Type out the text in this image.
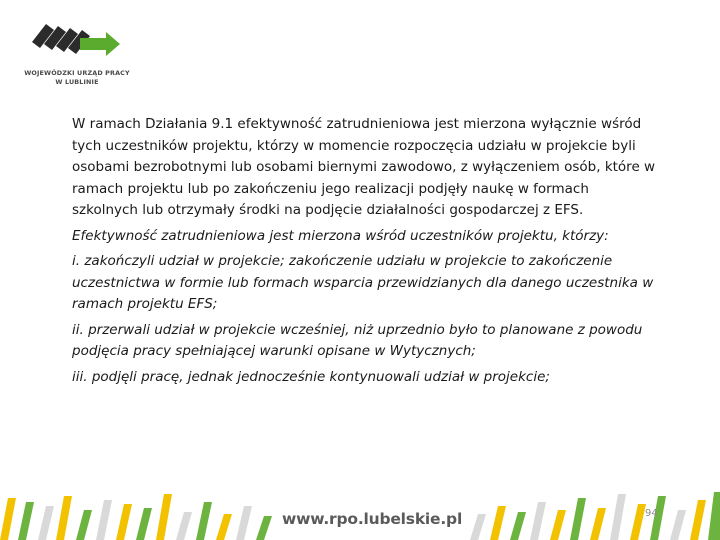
WOJEWÓDZKI URZĄD PRACY
W LUBLINIE

W ramach Działania 9.1 efektywność zatrudnieniowa jest mierzona wyłącznie wśród tych uczestników projektu, którzy w momencie rozpoczęcia udziału w projekcie byli osobami bezrobotnymi lub osobami biernymi zawodowo, z wyłączeniem osób, które w ramach projektu lub po zakończeniu jego realizacji podjęły naukę w formach szkolnych lub otrzymały środki na podjęcie działalności gospodarczej z EFS.

Efektywność zatrudnieniowa jest mierzona wśród uczestników projektu, którzy:

i. zakończyli udział w projekcie; zakończenie udziału w projekcie to zakończenie uczestnictwa w formie lub formach wsparcia przewidzianych dla danego uczestnika w ramach projektu EFS;

ii. przerwali udział w projekcie wcześniej, niż uprzednio było to planowane z powodu podjęcia pracy spełniającej warunki opisane w Wytycznych;

iii. podjęli pracę, jednak jednocześnie kontynuowali udział w projekcie;

www.rpo.lubelskie.pl	94
